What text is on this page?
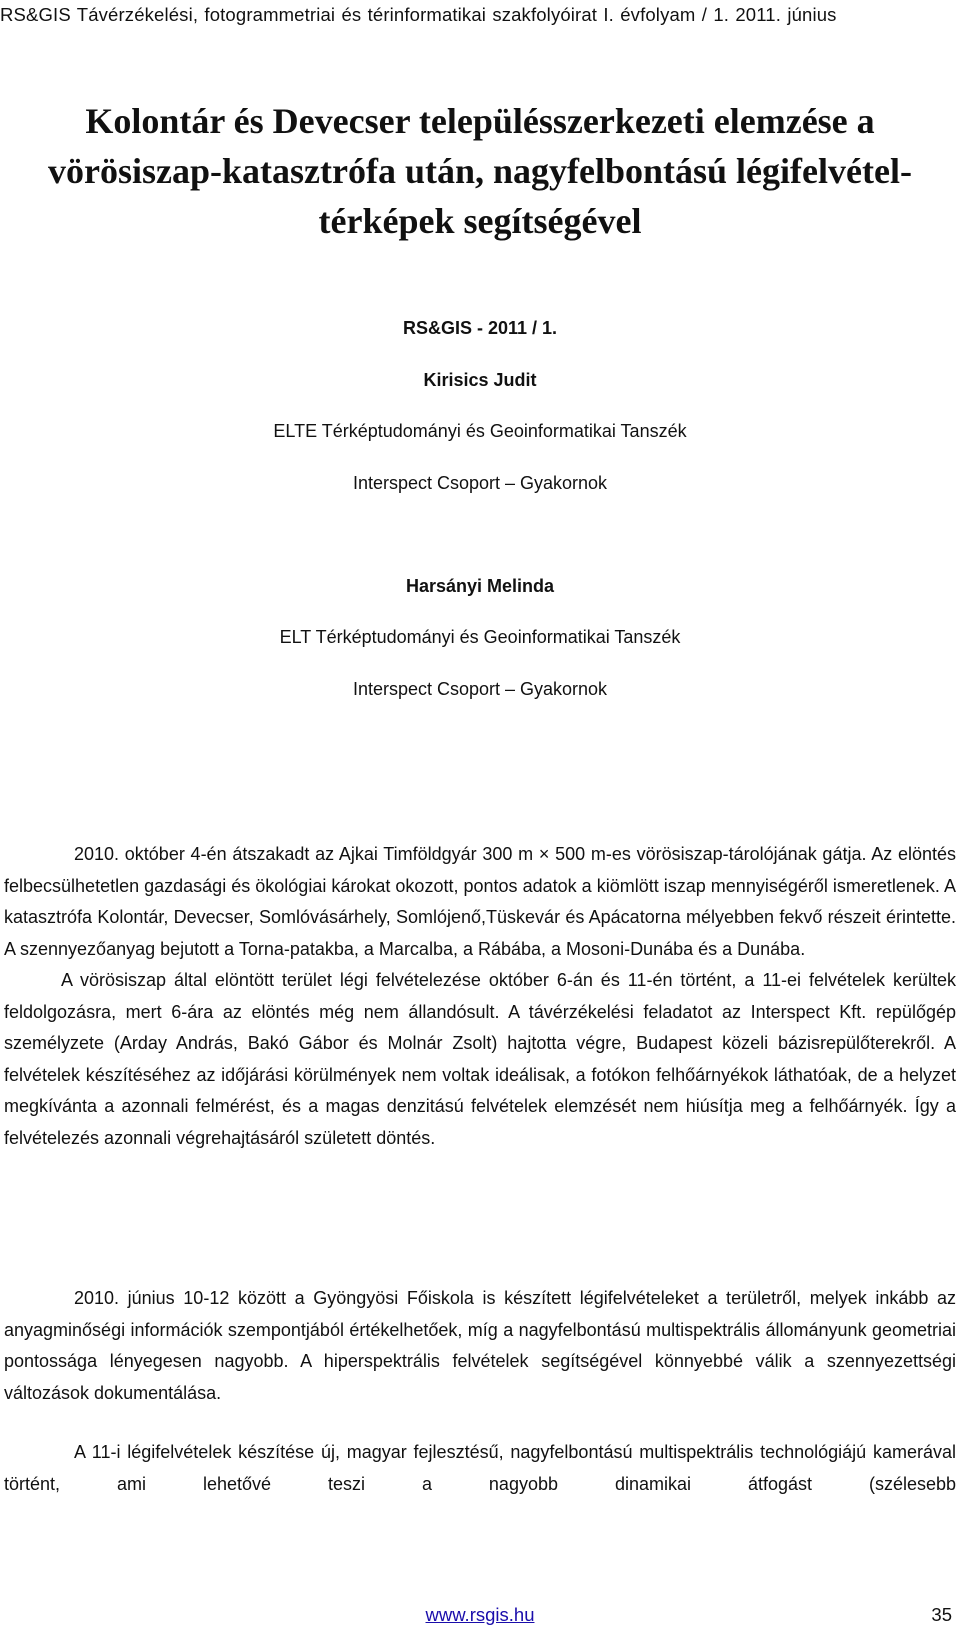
RS&GIS Távérzékelési, fotogrammetriai és térinformatikai szakfolyóirat I. évfolyam / 1. 2011. június
Kolontár és Devecser településszerkezeti elemzése a
vörösiszap-katasztrófa után, nagyfelbontású légifelvétel-
térképek segítségével
RS&GIS - 2011 / 1.
Kirisics Judit
ELTE Térképtudományi és Geoinformatikai Tanszék
Interspect Csoport – Gyakornok
Harsányi Melinda
ELT Térképtudományi és Geoinformatikai Tanszék
Interspect Csoport – Gyakornok

2010. október 4-én átszakadt az Ajkai Timföldgyár 300 m × 500 m-es vörösiszap-tárolójának gátja. Az elöntés felbecsülhetetlen gazdasági és ökológiai károkat okozott, pontos adatok a kiömlött iszap mennyiségéről ismeretlenek. A katasztrófa Kolontár, Devecser, Somlóvásárhely, Somlójenő,Tüskevár és Apácatorna mélyebben fekvő részeit érintette. A szennyezőanyag bejutott a Torna-patakba, a Marcalba, a Rábába, a Mosoni-Dunába és a Dunába.

A vörösiszap által elöntött terület légi felvételezése október 6-án és 11-én történt, a 11-ei felvételek kerültek feldolgozásra, mert 6-ára az elöntés még nem állandósult. A távérzékelési feladatot az Interspect Kft. repülőgép személyzete (Arday András, Bakó Gábor és Molnár Zsolt) hajtotta végre, Budapest közeli bázisrepülőterekről. A felvételek készítéséhez az időjárási körülmények nem voltak ideálisak, a fotókon felhőárnyékok láthatóak, de a helyzet megkívánta a azonnali felmérést, és a magas denzitású felvételek elemzését nem hiúsítja meg a felhőárnyék. Így a felvételezés azonnali végrehajtásáról született döntés.

2010. június 10-12 között a Gyöngyösi Főiskola is készített légifelvételeket a területről, melyek inkább az anyagminőségi információk szempontjából értékelhetőek, míg a nagyfelbontású multispektrális állományunk geometriai pontossága lényegesen nagyobb. A hiperspektrális felvételek segítségével könnyebbé válik a szennyezettségi változások dokumentálása.

A 11-i légifelvételek készítése új, magyar fejlesztésű, nagyfelbontású multispektrális technológiájú kamerával történt, ami lehetővé teszi a nagyobb dinamikai átfogást (szélesebb

www.rsgis.hu	35
